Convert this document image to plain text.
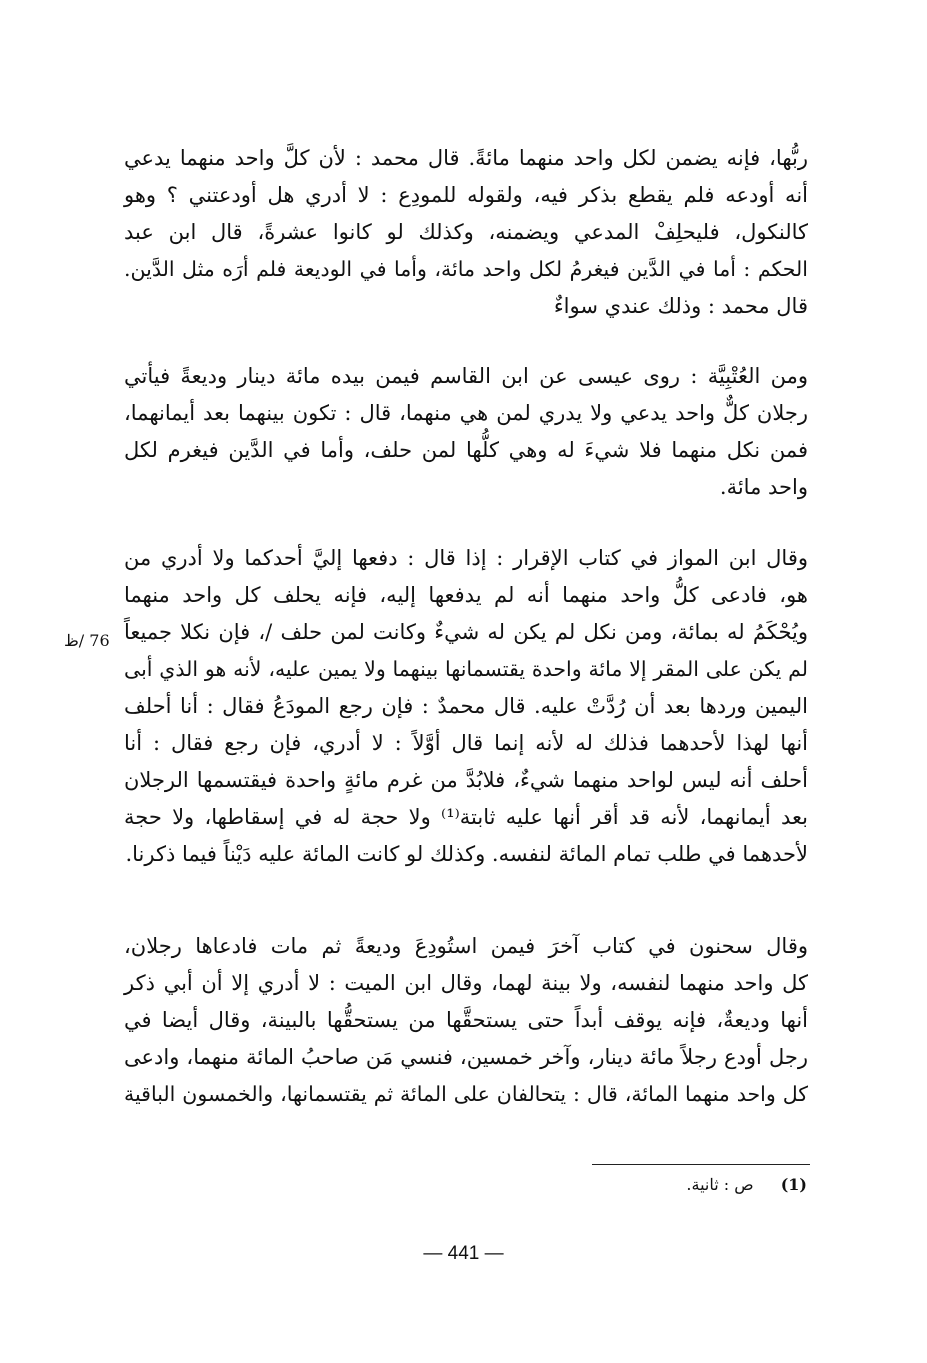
ربُّها، فإنه يضمن لكل واحد منهما مائةً. قال محمد : لأن كلَّ واحد منهما يدعي
أنه أودعه فلم يقطع بذكر فيه، ولقوله للمودِع : لا أدري هل أودعتني ؟ وهو
كالنكول، فليحلِفْ المدعي ويضمنه، وكذلك لو كانوا عشرةً، قال ابن عبد
الحكم : أما في الدَّين فيغرمُ لكل واحد مائة، وأما في الوديعة فلم أرَه مثل الدَّين.
قال محمد : وذلك عندي سواءٌ

ومن العُتْبِيَّة : روى عيسى عن ابن القاسم فيمن بيده مائة دينار وديعةً فيأتي
رجلان كلٌّ واحد يدعي ولا يدري لمن هي منهما، قال : تكون بينهما بعد أيمانهما،
فمن نكل منهما فلا شيءَ له وهي كلُّها لمن حلف، وأما في الدَّين فيغرم لكل
واحد مائة.

وقال ابن المواز في كتاب الإقرار : إذا قال : دفعها إليَّ أحدكما ولا أدري من
هو، فادعى كلُّ واحد منهما أنه لم يدفعها إليه، فإنه يحلف كل واحد منهما
ويُحْكَمُ له بمائة، ومن نكل لم يكن له شيءٌ وكانت لمن حلف /، فإن نكلا جميعاً
لم يكن على المقر إلا مائة واحدة يقتسمانها بينهما ولا يمين عليه، لأنه هو الذي أبى
اليمين وردها بعد أن رُدَّتْ عليه. قال محمدٌ : فإن رجع المودَعُ فقال : أنا أحلف
أنها لهذا لأحدهما فذلك له لأنه إنما قال أوَّلاً : لا أدري، فإن رجع فقال : أنا
أحلف أنه ليس لواحد منهما شيءٌ، فلابُدَّ من غرم مائةٍ واحدة فيقتسمها الرجلان
بعد أيمانهما، لأنه قد أقر أنها عليه ثابتة⁽¹⁾ ولا حجة له في إسقاطها، ولا حجة
لأحدهما في طلب تمام المائة لنفسه. وكذلك لو كانت المائة عليه دَيْناً فيما ذكرنا.

وقال سحنون في كتاب آخرَ فيمن استُودِعَ وديعةً ثم مات فادعاها رجلان،
كل واحد منهما لنفسه، ولا بينة لهما، وقال ابن الميت : لا أدري إلا أن أبي ذكر
أنها وديعةٌ، فإنه يوقف أبداً حتى يستحقَّها من يستحقُّها بالبينة، وقال أيضا في
رجل أودع رجلاً مائة دينار، وآخر خمسين، فنسي مَن صاحبُ المائة منهما، وادعى
كل واحد منهما المائة، قال : يتحالفان على المائة ثم يقتسمانها، والخمسون الباقية

76 /ظ
(1) ص : ثانية.
— 441 —
